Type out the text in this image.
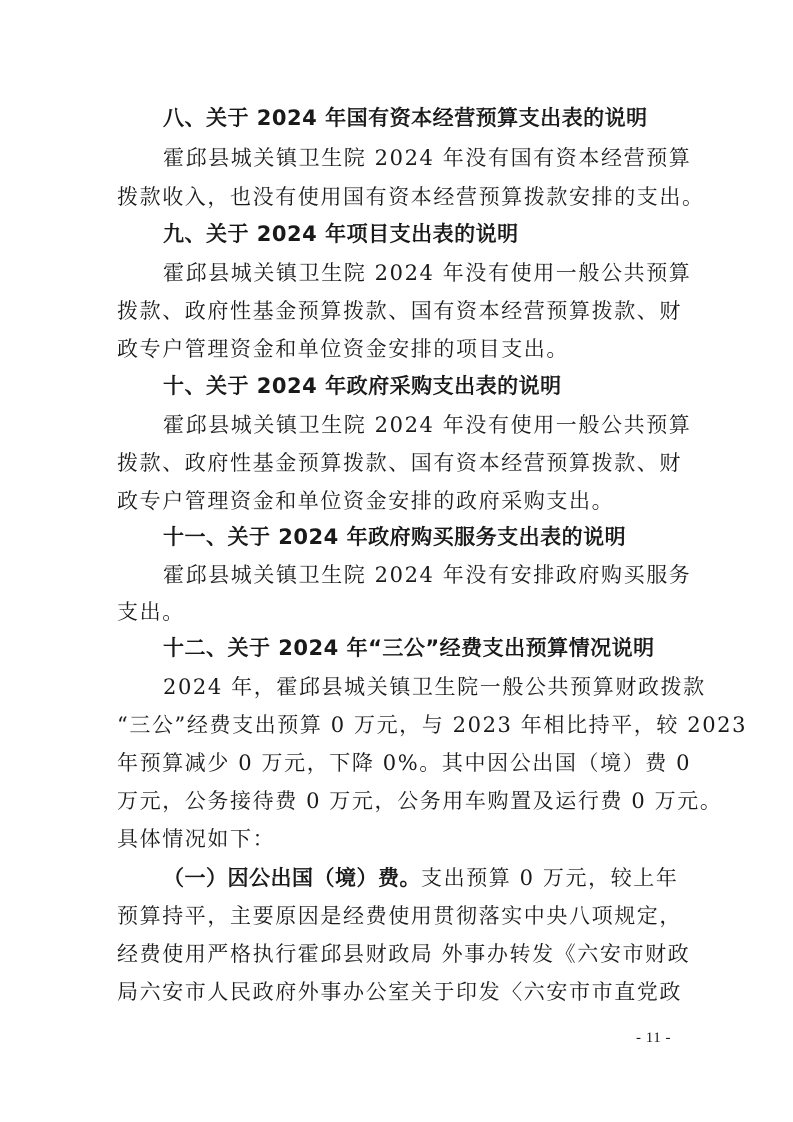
八、关于 2024 年国有资本经营预算支出表的说明
霍邱县城关镇卫生院 2024 年没有国有资本经营预算
拨款收入，也没有使用国有资本经营预算拨款安排的支出。
九、关于 2024 年项目支出表的说明
霍邱县城关镇卫生院 2024 年没有使用一般公共预算
拨款、政府性基金预算拨款、国有资本经营预算拨款、财
政专户管理资金和单位资金安排的项目支出。
十、关于 2024 年政府采购支出表的说明
霍邱县城关镇卫生院 2024 年没有使用一般公共预算
拨款、政府性基金预算拨款、国有资本经营预算拨款、财
政专户管理资金和单位资金安排的政府采购支出。
十一、关于 2024 年政府购买服务支出表的说明
霍邱县城关镇卫生院 2024 年没有安排政府购买服务
支出。
十二、关于 2024 年“三公”经费支出预算情况说明
2024 年，霍邱县城关镇卫生院一般公共预算财政拨款
“三公”经费支出预算 0 万元，与 2023 年相比持平，较 2023
年预算减少 0 万元，下降 0%。其中因公出国（境）费 0
万元，公务接待费 0 万元，公务用车购置及运行费 0 万元。
具体情况如下：
（一）因公出国（境）费。支出预算 0 万元，较上年
预算持平，主要原因是经费使用贯彻落实中央八项规定，
经费使用严格执行霍邱县财政局 外事办转发《六安市财政
局六安市人民政府外事办公室关于印发〈六安市市直党政
- 11 -
